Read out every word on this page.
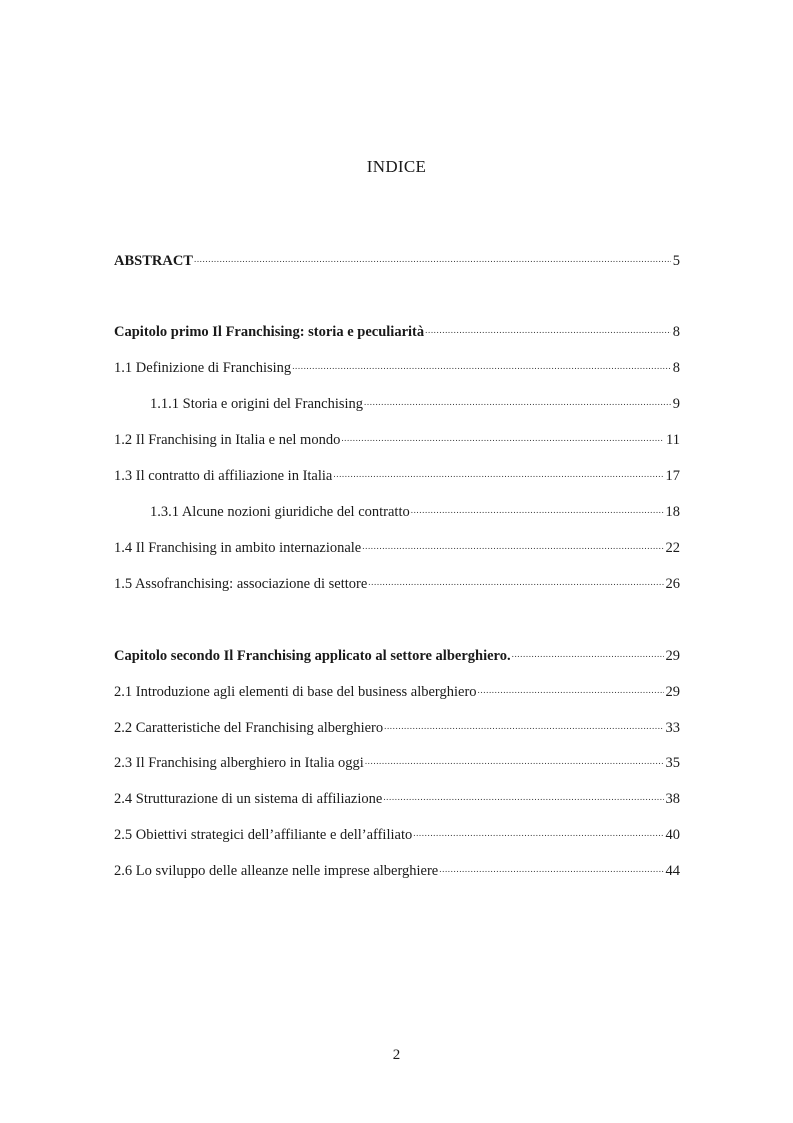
INDICE
ABSTRACT .....	5
Capitolo primo Il Franchising: storia e peculiarità .....	8
1.1 Definizione di Franchising .....	8
1.1.1 Storia e origini del Franchising .....	9
1.2 Il Franchising in Italia e nel mondo .....	11
1.3 Il contratto di affiliazione in Italia .....	17
1.3.1 Alcune nozioni giuridiche del contratto .....	18
1.4 Il Franchising in ambito internazionale .....	22
1.5 Assofranchising: associazione di settore .....	26
Capitolo secondo Il Franchising applicato al settore alberghiero. .....	29
2.1 Introduzione agli elementi di base del business alberghiero .....	29
2.2 Caratteristiche del Franchising alberghiero .....	33
2.3 Il Franchising alberghiero in Italia oggi .....	35
2.4 Strutturazione di un sistema di affiliazione .....	38
2.5 Obiettivi strategici dell’affiliante e dell’affiliato .....	40
2.6 Lo sviluppo delle alleanze nelle imprese alberghiere .....	44
2
